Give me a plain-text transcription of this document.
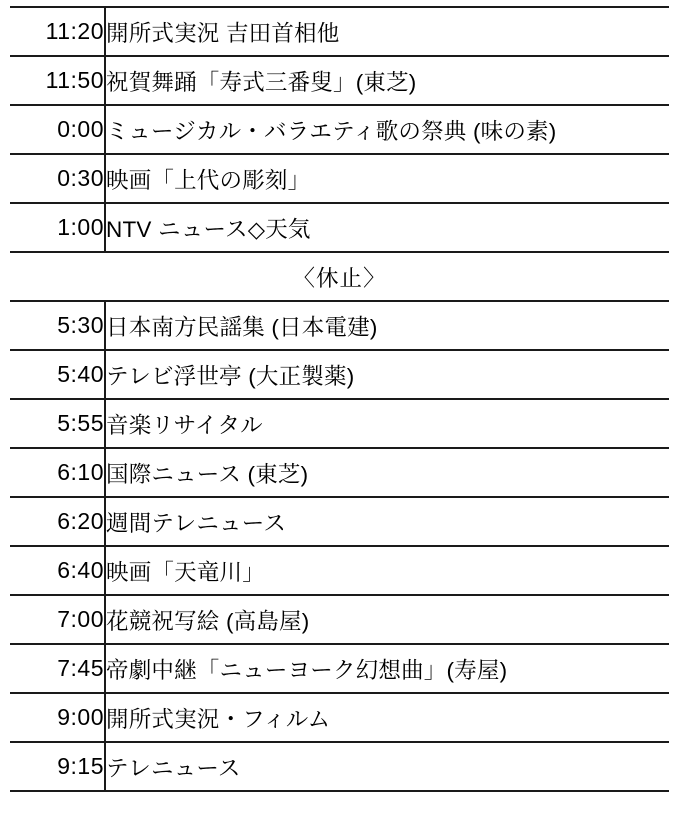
11:20	開所式実況 吉田首相他
11:50	祝賀舞踊「寿式三番叟」(東芝)
0:00	ミュージカル・バラエティ歌の祭典 (味の素)
0:30	映画「上代の彫刻」
1:00	NTV ニュース◇天気
〈休止〉	
5:30	日本南方民謡集 (日本電建)
5:40	テレビ浮世亭 (大正製薬)
5:55	音楽リサイタル
6:10	国際ニュース (東芝)
6:20	週間テレニュース
6:40	映画「天竜川」
7:00	花競祝写絵 (高島屋)
7:45	帝劇中継「ニューヨーク幻想曲」(寿屋)
9:00	開所式実況・フィルム
9:15	テレニュース
